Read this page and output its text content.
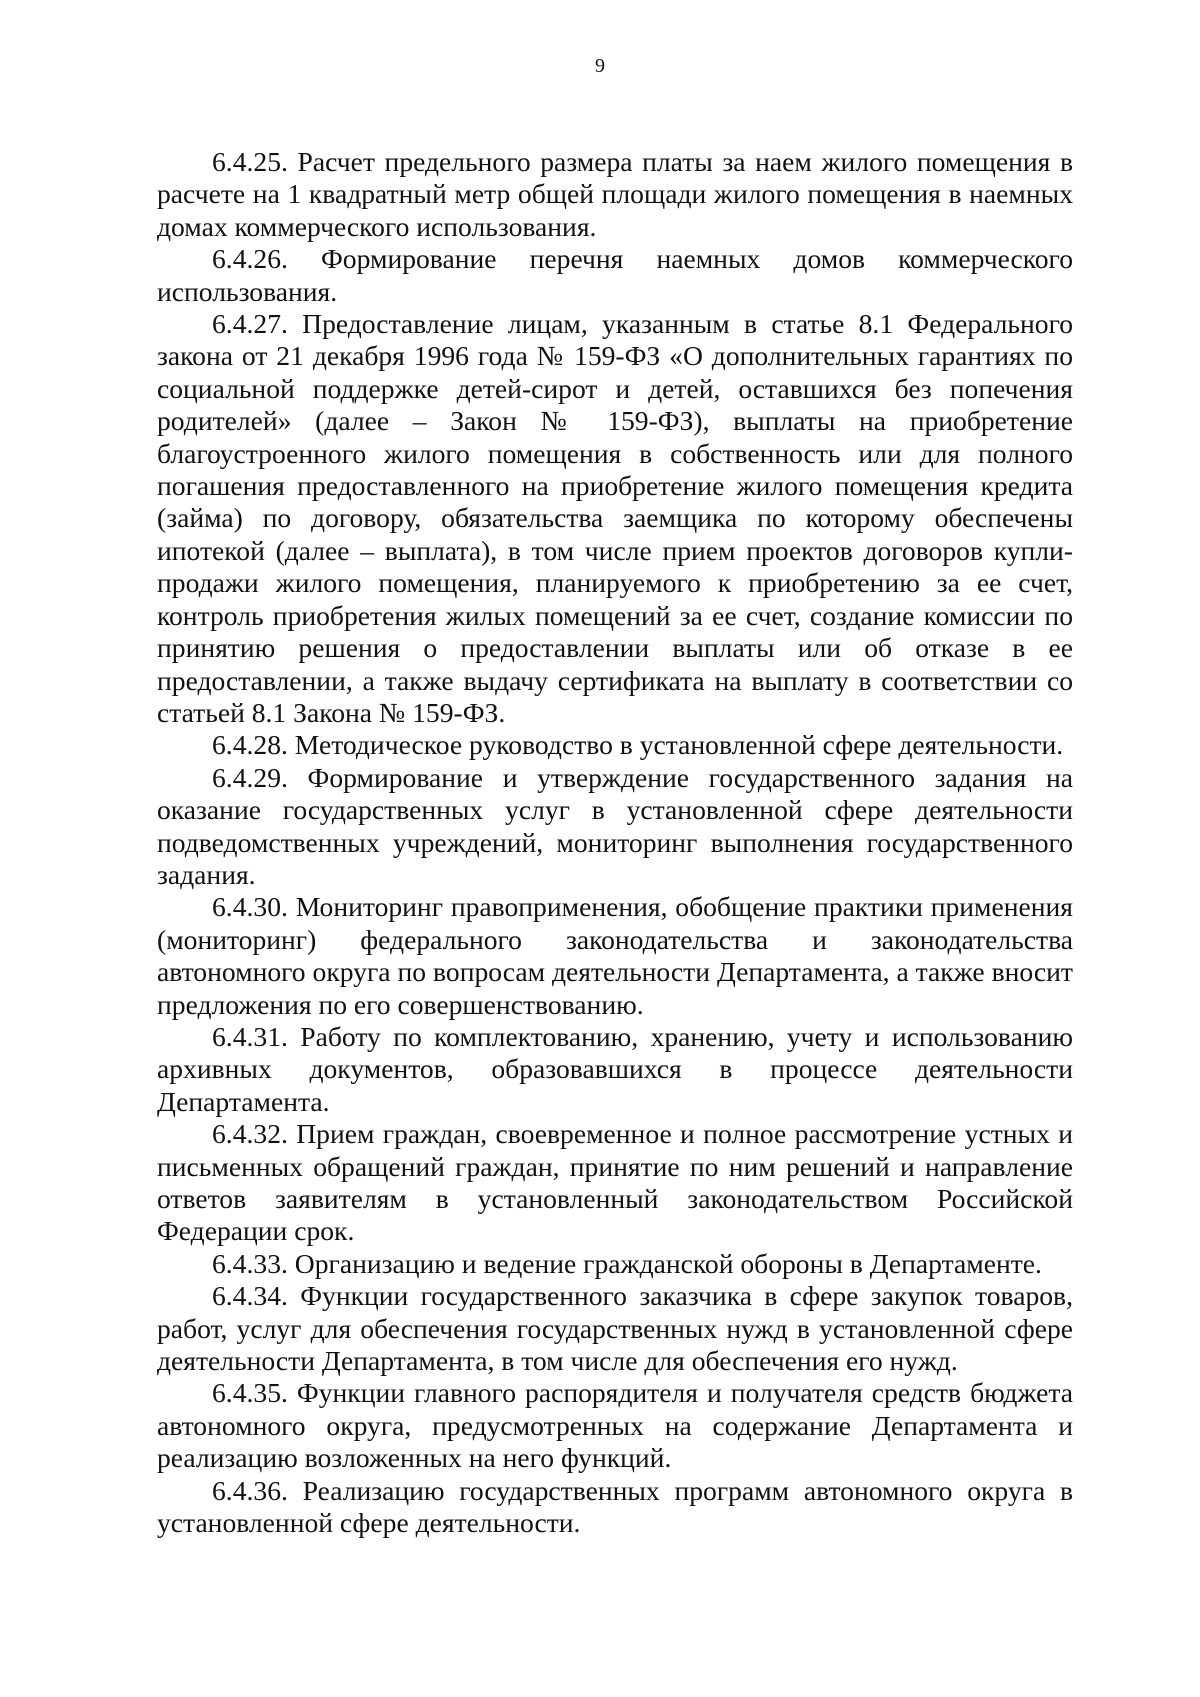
9

6.4.25. Расчет предельного размера платы за наем жилого помещения в расчете на 1 квадратный метр общей площади жилого помещения в наемных домах коммерческого использования.

6.4.26. Формирование перечня наемных домов коммерческого использования.

6.4.27. Предоставление лицам, указанным в статье 8.1 Федерального закона от 21 декабря 1996 года № 159-ФЗ «О дополнительных гарантиях по социальной поддержке детей-сирот и детей, оставшихся без попечения родителей» (далее – Закон № 159-ФЗ), выплаты на приобретение благоустроенного жилого помещения в собственность или для полного погашения предоставленного на приобретение жилого помещения кредита (займа) по договору, обязательства заемщика по которому обеспечены ипотекой (далее – выплата), в том числе прием проектов договоров купли-продажи жилого помещения, планируемого к приобретению за ее счет, контроль приобретения жилых помещений за ее счет, создание комиссии по принятию решения о предоставлении выплаты или об отказе в ее предоставлении, а также выдачу сертификата на выплату в соответствии со статьей 8.1 Закона № 159-ФЗ.

6.4.28. Методическое руководство в установленной сфере деятельности.

6.4.29. Формирование и утверждение государственного задания на оказание государственных услуг в установленной сфере деятельности подведомственных учреждений, мониторинг выполнения государственного задания.

6.4.30. Мониторинг правоприменения, обобщение практики применения (мониторинг) федерального законодательства и законодательства автономного округа по вопросам деятельности Департамента, а также вносит предложения по его совершенствованию.

6.4.31. Работу по комплектованию, хранению, учету и использованию архивных документов, образовавшихся в процессе деятельности Департамента.

6.4.32. Прием граждан, своевременное и полное рассмотрение устных и письменных обращений граждан, принятие по ним решений и направление ответов заявителям в установленный законодательством Российской Федерации срок.

6.4.33. Организацию и ведение гражданской обороны в Департаменте.

6.4.34. Функции государственного заказчика в сфере закупок товаров, работ, услуг для обеспечения государственных нужд в установленной сфере деятельности Департамента, в том числе для обеспечения его нужд.

6.4.35. Функции главного распорядителя и получателя средств бюджета автономного округа, предусмотренных на содержание Департамента и реализацию возложенных на него функций.

6.4.36. Реализацию государственных программ автономного округа в установленной сфере деятельности.
